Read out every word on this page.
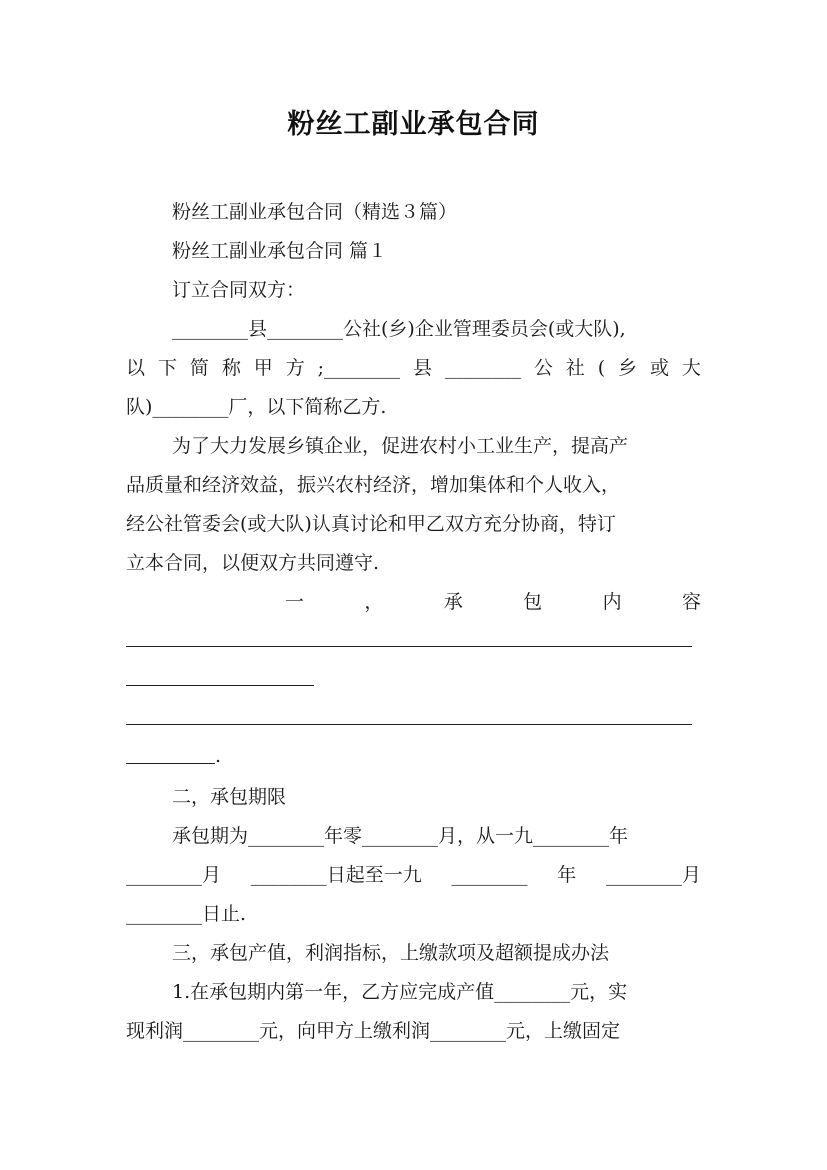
粉丝工副业承包合同
粉丝工副业承包合同（精选３篇）
粉丝工副业承包合同 篇１
订立合同双方：
________县________公社(乡)企业管理委员会(或大队),
以 下 简 称 甲 方 ;________ 县 ________ 公 社 ( 乡 或 大
队)________厂，以下简称乙方.
为了大力发展乡镇企业，促进农村小工业生产，提高产
品质量和经济效益，振兴农村经济，增加集体和个人收入，
经公社管委会(或大队)认真讨论和甲乙双方充分协商，特订
立本合同，以便双方共同遵守.
一	，	承	包	内	容
.
二，承包期限
承包期为________年零________月，从一九________年
________月 ________日起至一九 ________ 年 ________月
________日止.
三，承包产值，利润指标，上缴款项及超额提成办法
1.在承包期内第一年，乙方应完成产值________元，实
现利润________元，向甲方上缴利润________元，上缴固定
